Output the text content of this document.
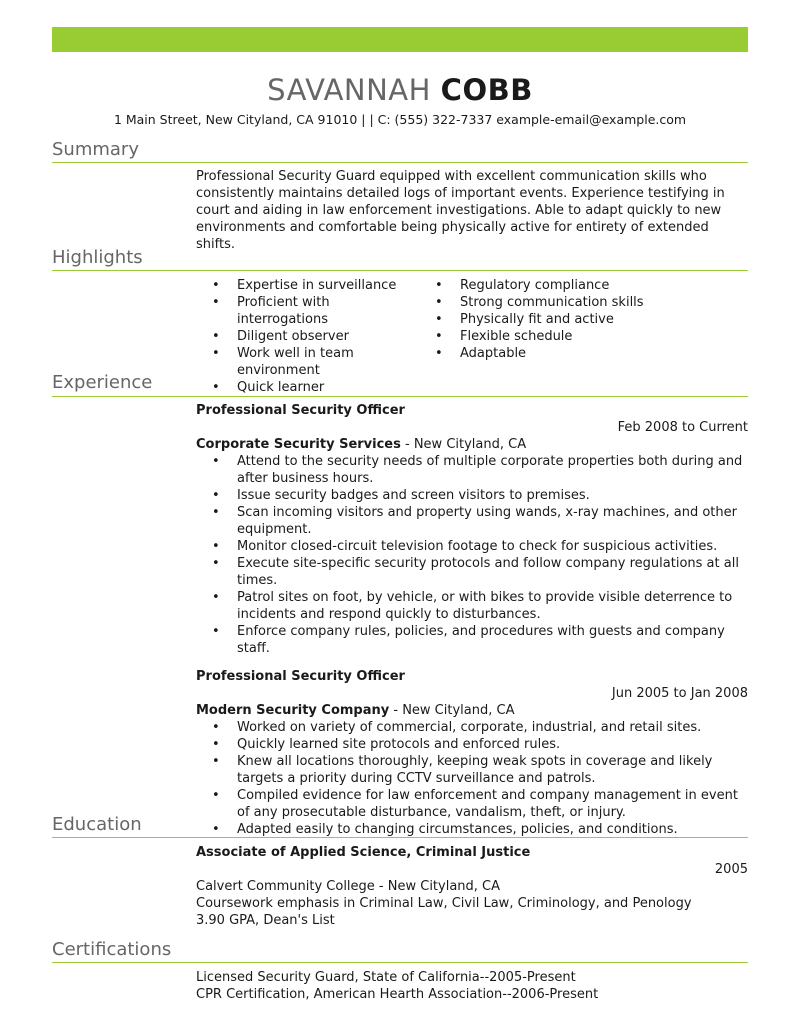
SAVANNAH COBB
1 Main Street, New Cityland, CA 91010 | | C: (555) 322-7337 example-email@example.com
Summary

Professional Security Guard equipped with excellent communication skills who consistently maintains detailed logs of important events. Experience testifying in court and aiding in law enforcement investigations. Able to adapt quickly to new environments and comfortable being physically active for entirety of extended shifts.

Highlights
• Expertise in surveillance
• Proficient with interrogations
• Diligent observer
• Work well in team environment
• Quick learner
• Regulatory compliance
• Strong communication skills
• Physically fit and active
• Flexible schedule
• Adaptable
Experience
Professional Security Officer
Feb 2008 to Current
Corporate Security Services - New Cityland, CA
• Attend to the security needs of multiple corporate properties both during and after business hours.
• Issue security badges and screen visitors to premises.
• Scan incoming visitors and property using wands, x-ray machines, and other equipment.
• Monitor closed-circuit television footage to check for suspicious activities.
• Execute site-specific security protocols and follow company regulations at all times.
• Patrol sites on foot, by vehicle, or with bikes to provide visible deterrence to incidents and respond quickly to disturbances.
• Enforce company rules, policies, and procedures with guests and company staff.
Professional Security Officer
Jun 2005 to Jan 2008
Modern Security Company - New Cityland, CA
• Worked on variety of commercial, corporate, industrial, and retail sites.
• Quickly learned site protocols and enforced rules.
• Knew all locations thoroughly, keeping weak spots in coverage and likely targets a priority during CCTV surveillance and patrols.
• Compiled evidence for law enforcement and company management in event of any prosecutable disturbance, vandalism, theft, or injury.
• Adapted easily to changing circumstances, policies, and conditions.
Education
Associate of Applied Science, Criminal Justice
2005
Calvert Community College - New Cityland, CA
Coursework emphasis in Criminal Law, Civil Law, Criminology, and Penology
3.90 GPA, Dean's List
Certifications
Licensed Security Guard, State of California--2005-Present
CPR Certification, American Hearth Association--2006-Present
